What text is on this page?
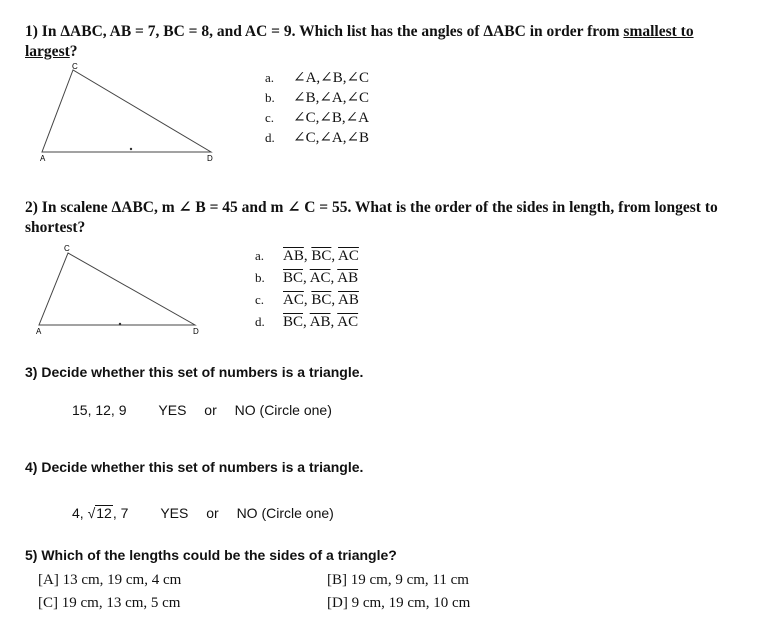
1) In ΔABC, AB = 7, BC = 8, and AC = 9. Which list has the angles of ΔABC in order from smallest to
largest?
C
A	D
a. ∠A,∠B,∠C
b. ∠B,∠A,∠C
c. ∠C,∠B,∠A
d. ∠C,∠A,∠B
2) In scalene ΔABC, m ∠ B = 45 and m ∠ C = 55. What is the order of the sides in length, from longest to
shortest?
C
A	D
a. $\overline{AB}$, $\overline{BC}$, $\overline{AC}$
b. $\overline{BC}$, $\overline{AC}$, $\overline{AB}$
c. $\overline{AC}$, $\overline{BC}$, $\overline{AB}$
d. $\overline{BC}$, $\overline{AB}$, $\overline{AC}$
3) Decide whether this set of numbers is a triangle.
15, 12, 9 YES or NO (Circle one)
4) Decide whether this set of numbers is a triangle.
4, √12, 7 YES or NO (Circle one)
5) Which of the lengths could be the sides of a triangle?
[A] 13 cm, 19 cm, 4 cm	[B] 19 cm, 9 cm, 11 cm
[C] 19 cm, 13 cm, 5 cm	[D] 9 cm, 19 cm, 10 cm
